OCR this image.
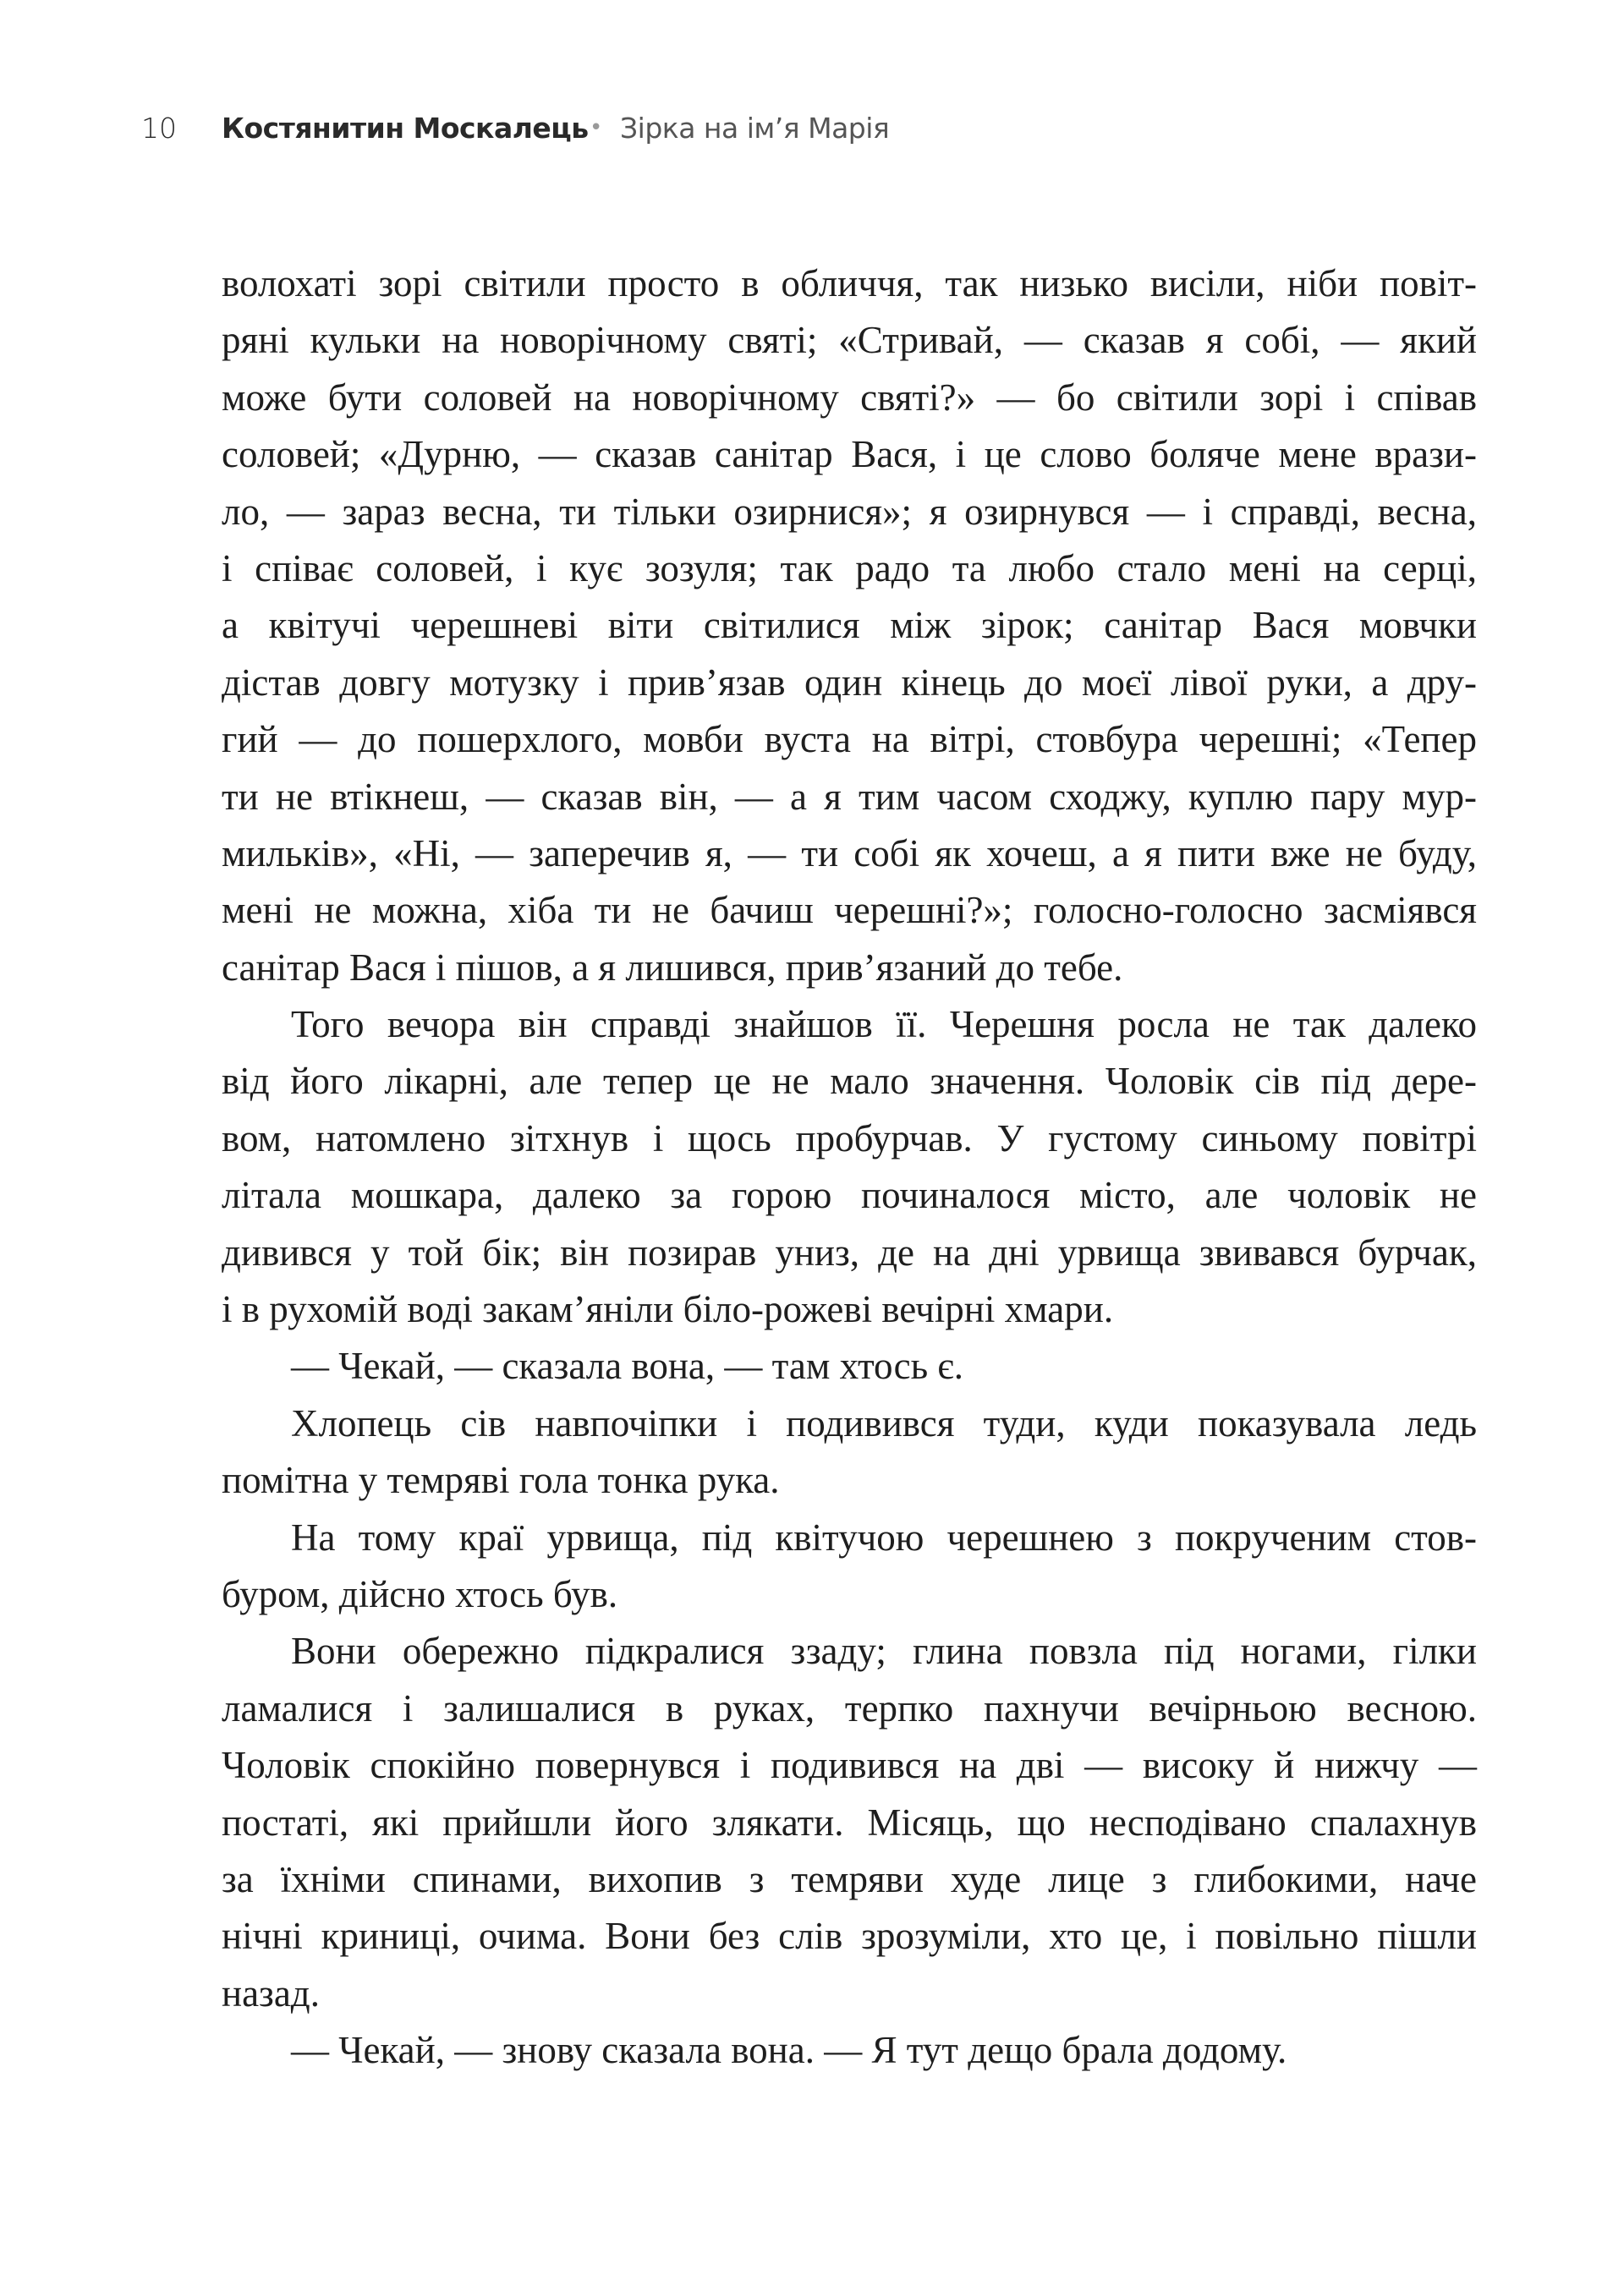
10 Костянитин Москалець • Зірка на ім’я Марія
волохаті зорі світили просто в обличчя, так низько висіли, ніби повіт-
ряні кульки на новорічному святі; «Стривай, — сказав я собі, — який
може бути соловей на новорічному святі?» — бо світили зорі і співав
соловей; «Дурню, — сказав санітар Вася, і це слово боляче мене врази-
ло, — зараз весна, ти тільки озирнися»; я озирнувся — і справді, весна,
і співає соловей, і кує зозуля; так радо та любо стало мені на серці,
а квітучі черешневі віти світилися між зірок; санітар Вася мовчки
дістав довгу мотузку і прив’язав один кінець до моєї лівої руки, а дру-
гий — до пошерхлого, мовби вуста на вітрі, стовбура черешні; «Тепер
ти не втікнеш, — сказав він, — а я тим часом сходжу, куплю пару мур-
мильків», «Ні, — заперечив я, — ти собі як хочеш, а я пити вже не буду,
мені не можна, хіба ти не бачиш черешні?»; голосно-голосно засміявся
санітар Вася і пішов, а я лишився, прив’язаний до тебе.
Того вечора він справді знайшов її. Черешня росла не так далеко
від його лікарні, але тепер це не мало значення. Чоловік сів під дере-
вом, натомлено зітхнув і щось пробурчав. У густому синьому повітрі
літала мошкара, далеко за горою починалося місто, але чоловік не
дивився у той бік; він позирав униз, де на дні урвища звивався бурчак,
і в рухомій воді закам’яніли біло-рожеві вечірні хмари.
— Чекай, — сказала вона, — там хтось є.
Хлопець сів навпочіпки і подивився туди, куди показувала ледь
помітна у темряві гола тонка рука.
На тому краї урвища, під квітучою черешнею з покрученим стов-
буром, дійсно хтось був.
Вони обережно підкралися ззаду; глина повзла під ногами, гілки
ламалися і залишалися в руках, терпко пахнучи вечірньою весною.
Чоловік спокійно повернувся і подивився на дві — високу й нижчу —
постаті, які прийшли його злякати. Місяць, що несподівано спалахнув
за їхніми спинами, вихопив з темряви худе лице з глибокими, наче
нічні криниці, очима. Вони без слів зрозуміли, хто це, і повільно пішли
назад.
— Чекай, — знову сказала вона. — Я тут дещо брала додому.
